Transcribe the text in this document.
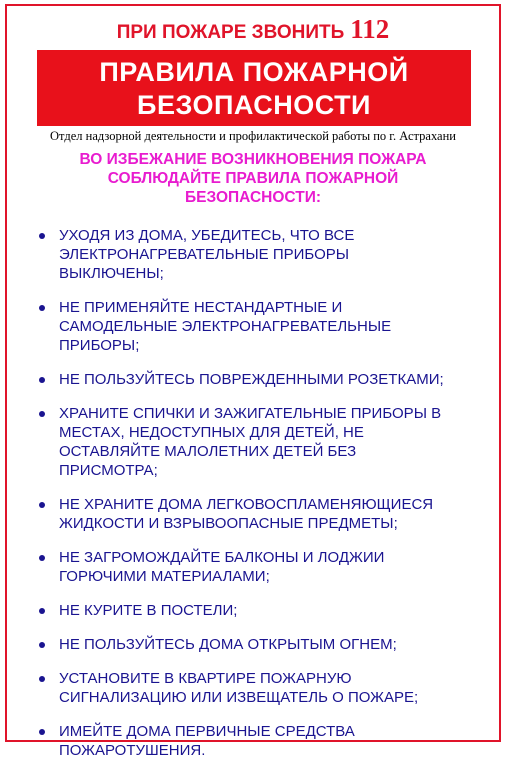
ПРИ ПОЖАРЕ ЗВОНИТЬ 112
ПРАВИЛА ПОЖАРНОЙ
БЕЗОПАСНОСТИ
Отдел надзорной деятельности и профилактической работы по г. Астрахани
ВО ИЗБЕЖАНИЕ ВОЗНИКНОВЕНИЯ ПОЖАРА
СОБЛЮДАЙТЕ ПРАВИЛА ПОЖАРНОЙ
БЕЗОПАСНОСТИ:
УХОДЯ ИЗ ДОМА, УБЕДИТЕСЬ, ЧТО ВСЕ
ЭЛЕКТРОНАГРЕВАТЕЛЬНЫЕ ПРИБОРЫ
ВЫКЛЮЧЕНЫ;
НЕ ПРИМЕНЯЙТЕ НЕСТАНДАРТНЫЕ И
САМОДЕЛЬНЫЕ ЭЛЕКТРОНАГРЕВАТЕЛЬНЫЕ
ПРИБОРЫ;
НЕ ПОЛЬЗУЙТЕСЬ ПОВРЕЖДЕННЫМИ РОЗЕТКАМИ;
ХРАНИТЕ СПИЧКИ И ЗАЖИГАТЕЛЬНЫЕ ПРИБОРЫ В
МЕСТАХ, НЕДОСТУПНЫХ ДЛЯ ДЕТЕЙ, НЕ
ОСТАВЛЯЙТЕ МАЛОЛЕТНИХ ДЕТЕЙ БЕЗ
ПРИСМОТРА;
НЕ ХРАНИТЕ ДОМА ЛЕГКОВОСПЛАМЕНЯЮЩИЕСЯ
ЖИДКОСТИ И ВЗРЫВООПАСНЫЕ ПРЕДМЕТЫ;
НЕ ЗАГРОМОЖДАЙТЕ БАЛКОНЫ И ЛОДЖИИ
ГОРЮЧИМИ МАТЕРИАЛАМИ;
НЕ КУРИТЕ В ПОСТЕЛИ;
НЕ ПОЛЬЗУЙТЕСЬ ДОМА ОТКРЫТЫМ ОГНЕМ;
УСТАНОВИТЕ В КВАРТИРЕ ПОЖАРНУЮ
СИГНАЛИЗАЦИЮ ИЛИ ИЗВЕЩАТЕЛЬ О ПОЖАРЕ;
ИМЕЙТЕ ДОМА ПЕРВИЧНЫЕ СРЕДСТВА
ПОЖАРОТУШЕНИЯ.
